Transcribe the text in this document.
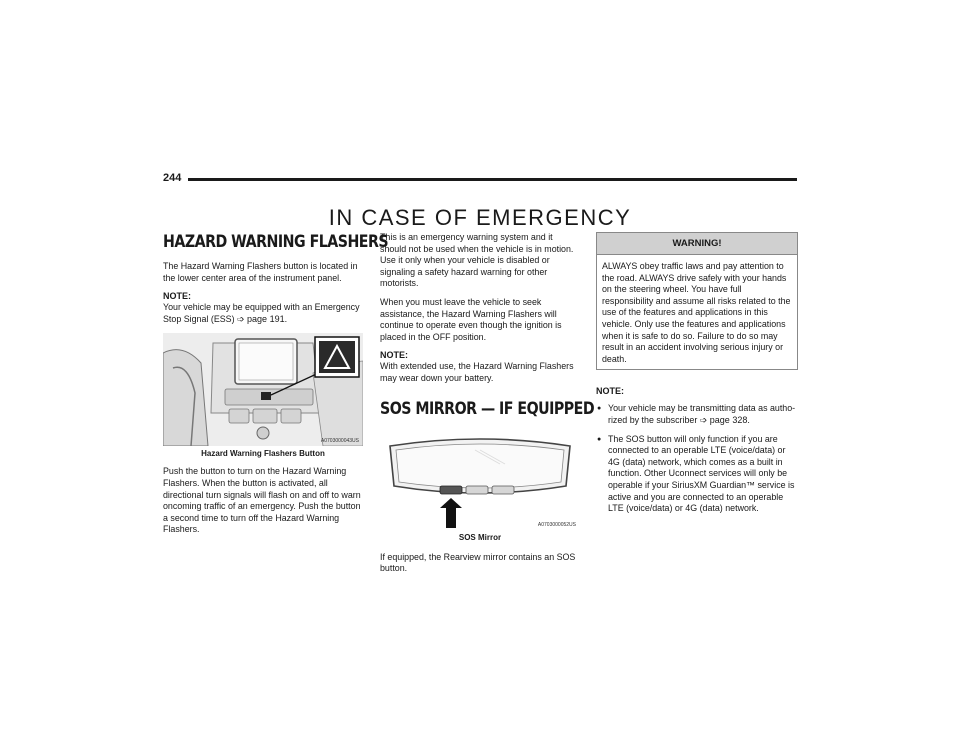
244
IN CASE OF EMERGENCY
HAZARD WARNING FLASHERS

The Hazard Warning Flashers button is located in the lower center area of the instrument panel.

NOTE:

Your vehicle may be equipped with an Emergency Stop Signal (ESS) ➩ page 191.

A0703000043US
Hazard Warning Flashers Button

Push the button to turn on the Hazard Warning Flashers. When the button is activated, all directional turn signals will flash on and off to warn oncoming traffic of an emergency. Push the button a second time to turn off the Hazard Warning Flashers.

This is an emergency warning system and it should not be used when the vehicle is in motion. Use it only when your vehicle is disabled or signaling a safety hazard warning for other motorists.

When you must leave the vehicle to seek assistance, the Hazard Warning Flashers will continue to operate even though the ignition is placed in the OFF position.

NOTE:

With extended use, the Hazard Warning Flashers may wear down your battery.

SOS MIRROR — IF EQUIPPED
A0703000052US
SOS Mirror

If equipped, the Rearview mirror contains an SOS button.

WARNING!
ALWAYS obey traffic laws and pay attention to the road. ALWAYS drive safely with your hands on the steering wheel. You have full responsibility and assume all risks related to the use of the features and applications in this vehicle. Only use the features and applications when it is safe to do so. Failure to do so may result in an accident involving serious injury or death.
NOTE:
● Your vehicle may be transmitting data as autho-rized by the subscriber ➩ page 328.
● The SOS button will only function if you are connected to an operable LTE (voice/data) or 4G (data) network, which comes as a built in function. Other Uconnect services will only be operable if your SiriusXM Guardian™ service is active and you are connected to an operable LTE (voice/data) or 4G (data) network.
